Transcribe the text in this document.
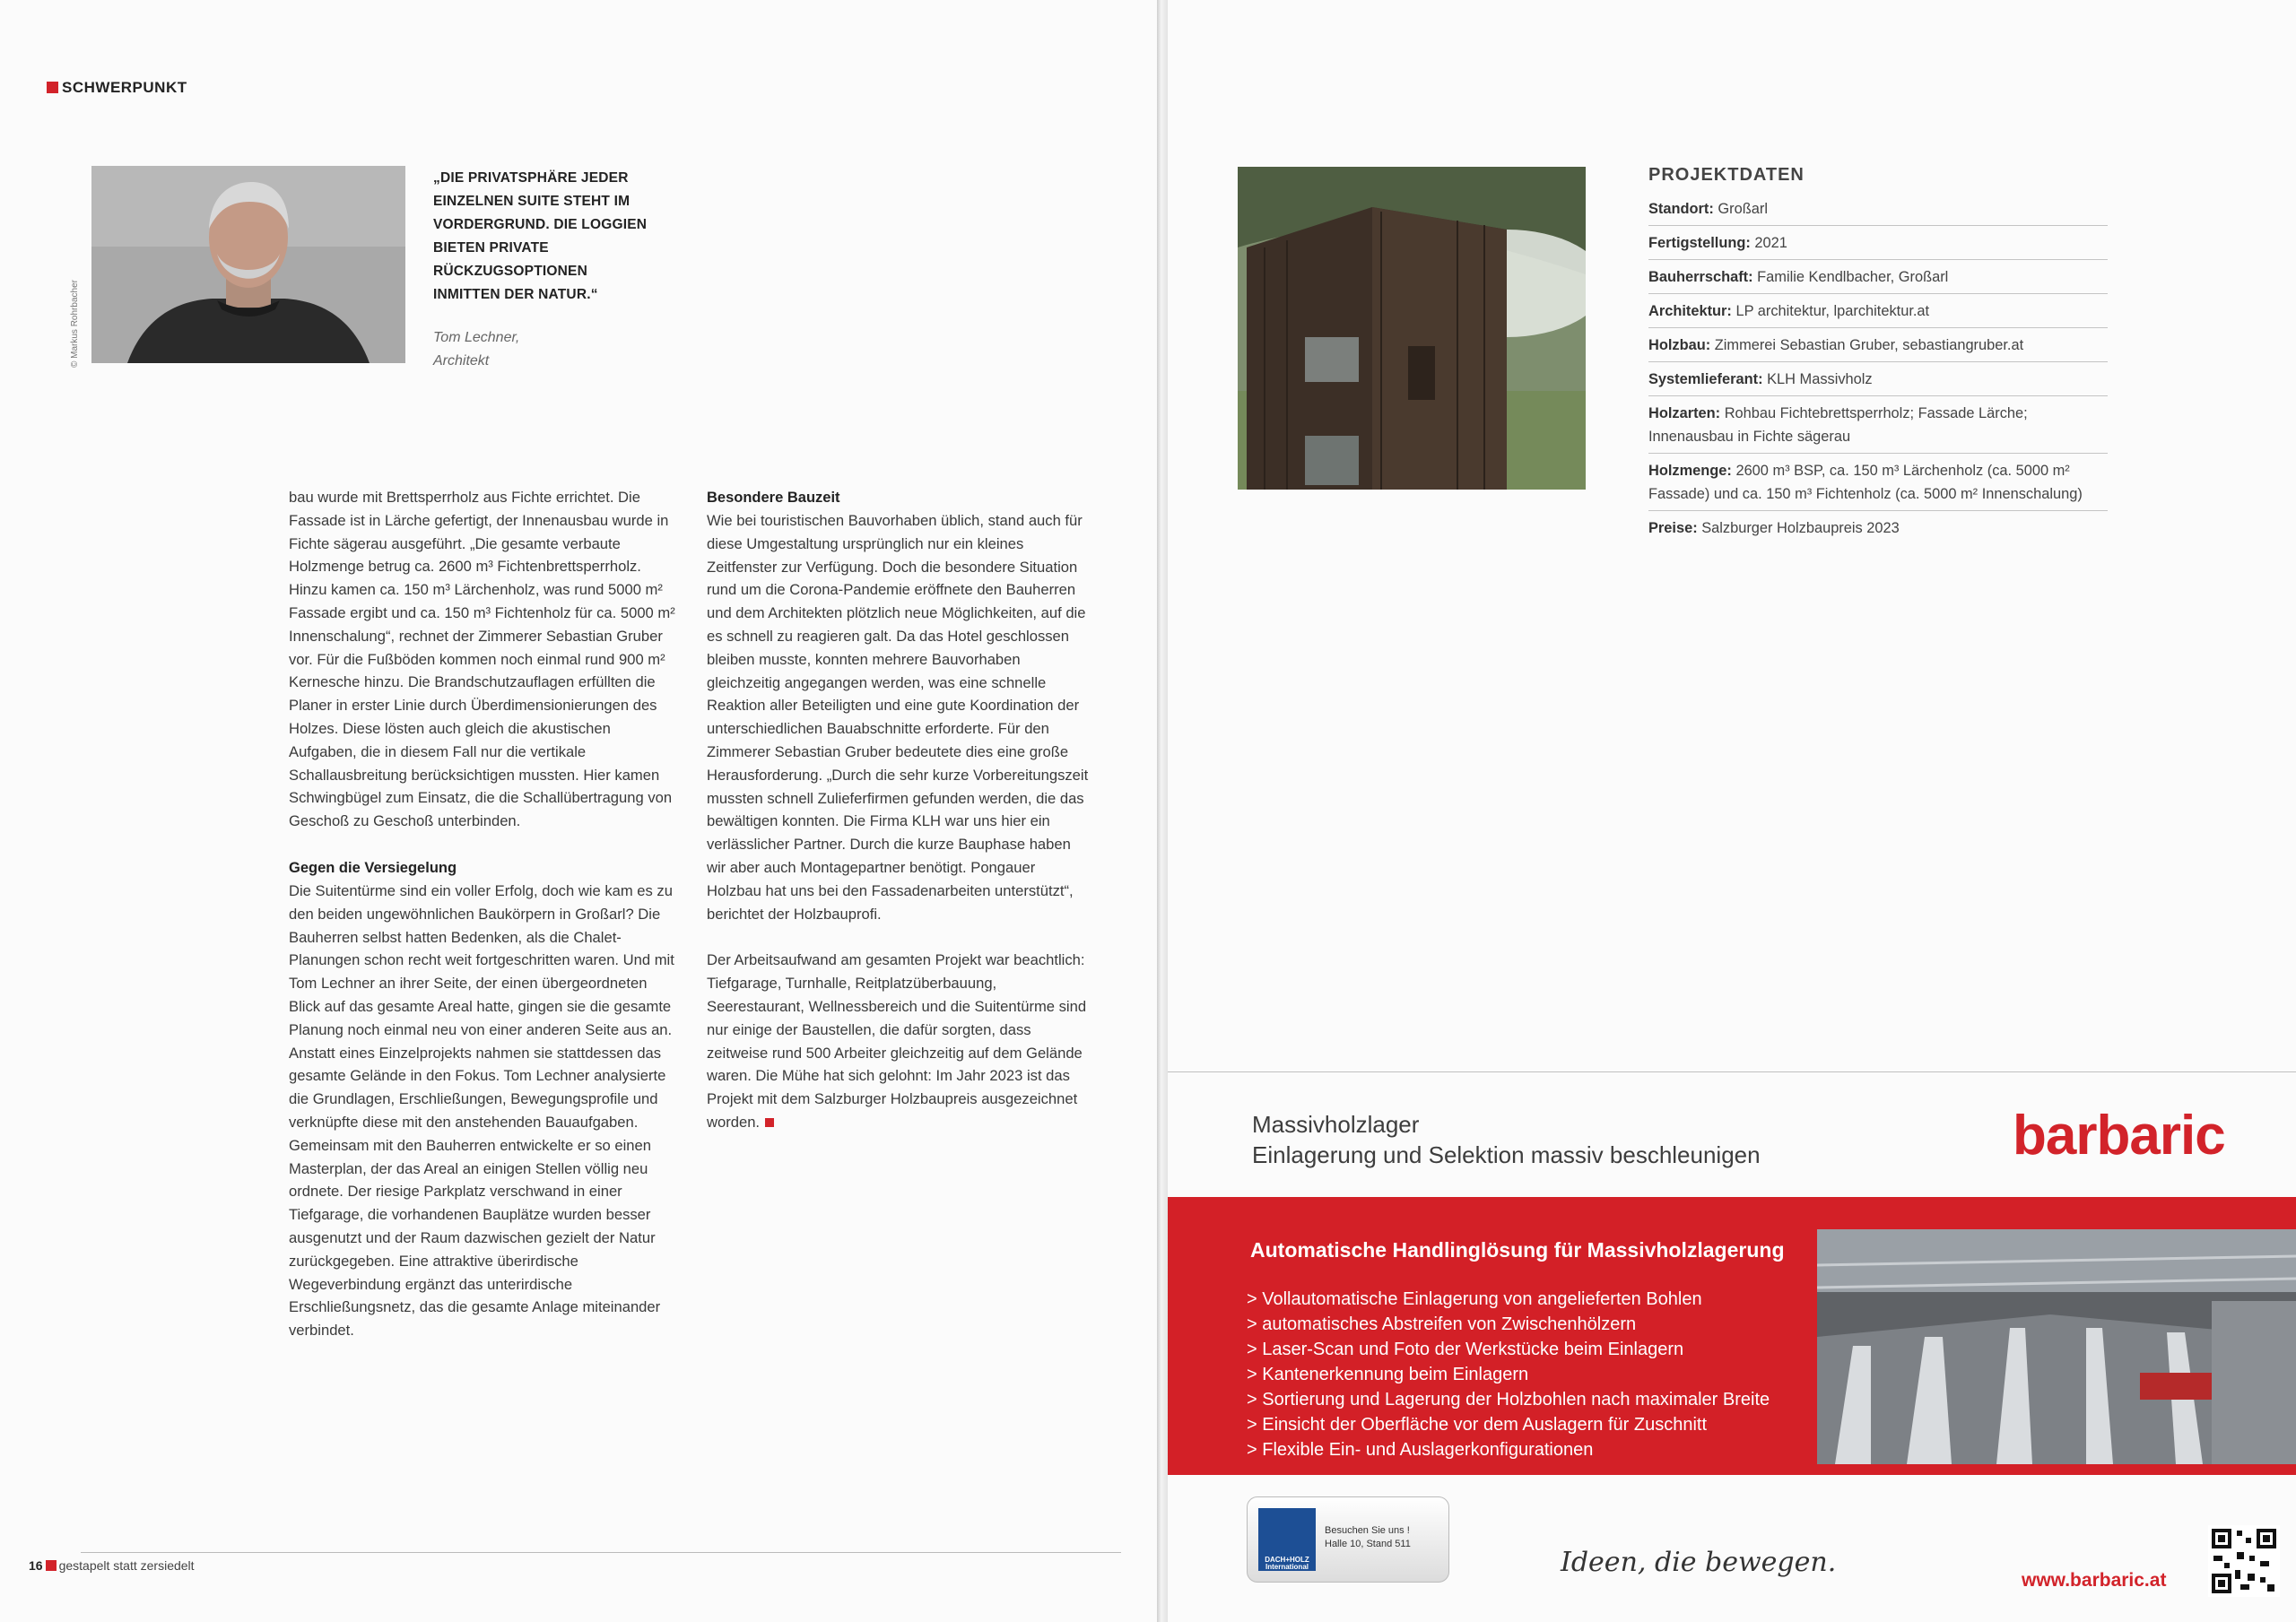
SCHWERPUNKT
© Markus Rohrbacher
„DIE PRIVATSPHÄRE JEDER EINZELNEN SUITE STEHT IM VORDERGRUND. DIE LOGGIEN BIETEN PRIVATE RÜCKZUGSOPTIONEN INMITTEN DER NATUR.“
Tom Lechner,
Architekt

bau wurde mit Brettsperrholz aus Fichte errichtet. Die Fassade ist in Lärche gefertigt, der Innenausbau wurde in Fichte sägerau ausgeführt. „Die gesamte verbaute Holzmenge betrug ca. 2600 m³ Fichtenbrettsperrholz. Hinzu kamen ca. 150 m³ Lärchenholz, was rund 5000 m² Fassade ergibt und ca. 150 m³ Fichtenholz für ca. 5000 m² Innenschalung“, rechnet der Zimmerer Sebastian Gruber vor. Für die Fußböden kommen noch einmal rund 900 m² Kernesche hinzu. Die Brandschutzauflagen erfüllten die Planer in erster Linie durch Überdimensionierungen des Holzes. Diese lösten auch gleich die akustischen Aufgaben, die in diesem Fall nur die vertikale Schallausbreitung berücksichtigen mussten. Hier kamen Schwingbügel zum Einsatz, die die Schallübertragung von Geschoß zu Geschoß unterbinden.

Gegen die Versiegelung

Die Suitentürme sind ein voller Erfolg, doch wie kam es zu den beiden ungewöhnlichen Baukörpern in Großarl? Die Bauherren selbst hatten Bedenken, als die Chalet-Planungen schon recht weit fortgeschritten waren. Und mit Tom Lechner an ihrer Seite, der einen übergeordneten Blick auf das gesamte Areal hatte, gingen sie die gesamte Planung noch einmal neu von einer anderen Seite aus an. Anstatt eines Einzelprojekts nahmen sie stattdessen das gesamte Gelände in den Fokus. Tom Lechner analysierte die Grundlagen, Erschließungen, Bewegungsprofile und verknüpfte diese mit den anstehenden Bauaufgaben. Gemeinsam mit den Bauherren entwickelte er so einen Masterplan, der das Areal an einigen Stellen völlig neu ordnete. Der riesige Parkplatz verschwand in einer Tiefgarage, die vorhandenen Bauplätze wurden besser ausgenutzt und der Raum dazwischen gezielt der Natur zurückgegeben. Eine attraktive überirdische Wegeverbindung ergänzt das unterirdische Erschließungsnetz, das die gesamte Anlage miteinander verbindet.

Besondere Bauzeit

Wie bei touristischen Bauvorhaben üblich, stand auch für diese Umgestaltung ursprünglich nur ein kleines Zeitfenster zur Verfügung. Doch die besondere Situation rund um die Corona-Pandemie eröffnete den Bauherren und dem Architekten plötzlich neue Möglichkeiten, auf die es schnell zu reagieren galt. Da das Hotel geschlossen bleiben musste, konnten mehrere Bauvorhaben gleichzeitig angegangen werden, was eine schnelle Reaktion aller Beteiligten und eine gute Koordination der unterschiedlichen Bauabschnitte erforderte. Für den Zimmerer Sebastian Gruber bedeutete dies eine große Herausforderung. „Durch die sehr kurze Vorbereitungszeit mussten schnell Zulieferfirmen gefunden werden, die das bewältigen konnten. Die Firma KLH war uns hier ein verlässlicher Partner. Durch die kurze Bauphase haben wir aber auch Montagepartner benötigt. Pongauer Holzbau hat uns bei den Fassadenarbeiten unterstützt“, berichtet der Holzbauprofi.

Der Arbeitsaufwand am gesamten Projekt war beachtlich: Tiefgarage, Turnhalle, Reitplatzüberbauung, Seerestaurant, Wellnessbereich und die Suitentürme sind nur einige der Baustellen, die dafür sorgten, dass zeitweise rund 500 Arbeiter gleichzeitig auf dem Gelände waren. Die Mühe hat sich gelohnt: Im Jahr 2023 ist das Projekt mit dem Salzburger Holzbaupreis ausgezeichnet worden.

16 gestapelt statt zersiedelt
PROJEKTDATEN
Standort: Großarl
Fertigstellung: 2021
Bauherrschaft: Familie Kendlbacher, Großarl
Architektur: LP architektur, lparchitektur.at
Holzbau: Zimmerei Sebastian Gruber, sebastiangruber.at
Systemlieferant: KLH Massivholz
Holzarten: Rohbau Fichtebrettsperrholz; Fassade Lärche; Innenausbau in Fichte sägerau
Holzmenge: 2600 m³ BSP, ca. 150 m³ Lärchenholz (ca. 5000 m² Fassade) und ca. 150 m³ Fichtenholz (ca. 5000 m² Innenschalung)
Preise: Salzburger Holzbaupreis 2023
Massivholzlager
Einlagerung und Selektion massiv beschleunigen	barbaric
Automatische Handlinglösung für Massivholzlagerung
> Vollautomatische Einlagerung von angelieferten Bohlen
> automatisches Abstreifen von Zwischenhölzern
> Laser-Scan und Foto der Werkstücke beim Einlagern
> Kantenerkennung beim Einlagern
> Sortierung und Lagerung der Holzbohlen nach maximaler Breite
> Einsicht der Oberfläche vor dem Auslagern für Zuschnitt
> Flexible Ein- und Auslagerkonfigurationen
DACH+HOLZ International
Besuchen Sie uns !
Halle 10, Stand 511
Ideen, die bewegen.
www.barbaric.at
